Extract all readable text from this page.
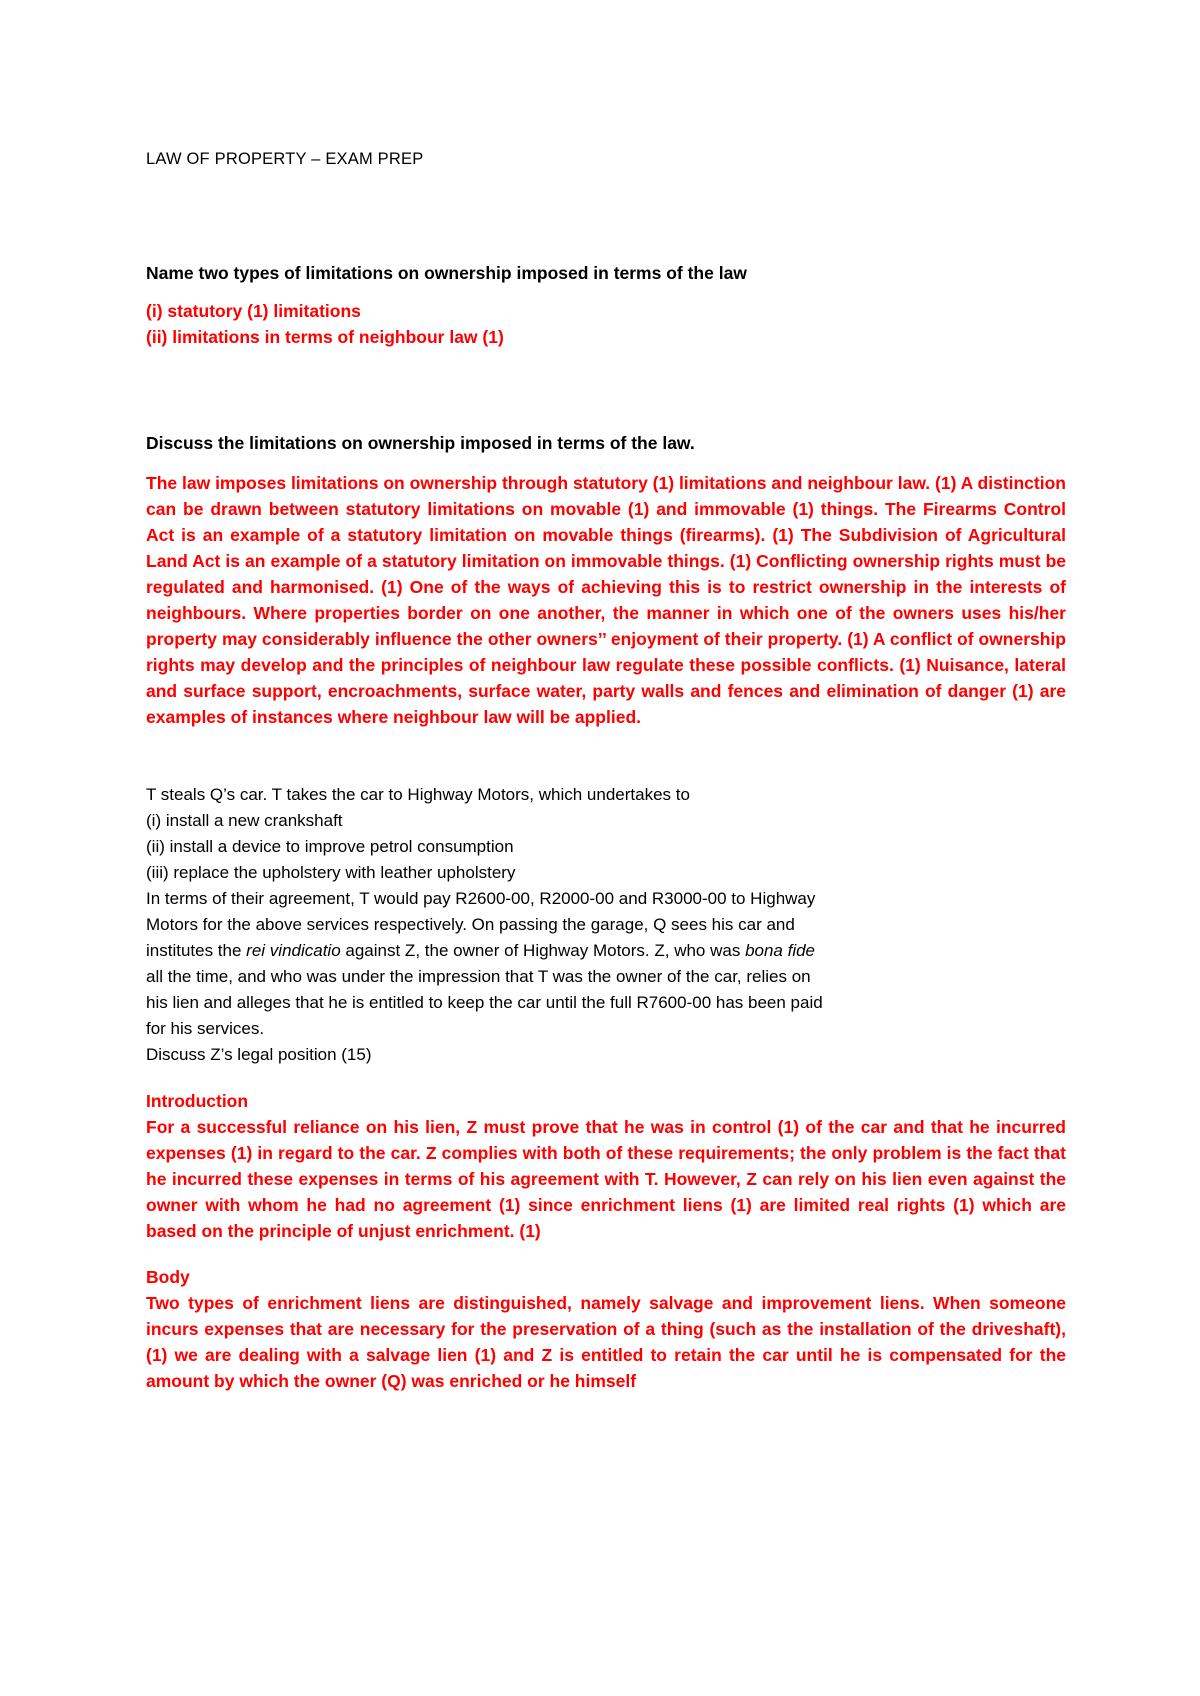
LAW OF PROPERTY – EXAM PREP

Name two types of limitations on ownership imposed in terms of the law

(i) statutory (1) limitations

(ii) limitations in terms of neighbour law (1)

Discuss the limitations on ownership imposed in terms of the law.

The law imposes limitations on ownership through statutory (1) limitations and neighbour law. (1) A distinction can be drawn between statutory limitations on movable (1) and immovable (1) things. The Firearms Control Act is an example of a statutory limitation on movable things (firearms). (1) The Subdivision of Agricultural Land Act is an example of a statutory limitation on immovable things. (1) Conflicting ownership rights must be regulated and harmonised. (1) One of the ways of achieving this is to restrict ownership in the interests of neighbours. Where properties border on one another, the manner in which one of the owners uses his/her property may considerably influence the other owners’’ enjoyment of their property. (1) A conflict of ownership rights may develop and the principles of neighbour law regulate these possible conflicts. (1) Nuisance, lateral and surface support, encroachments, surface water, party walls and fences and elimination of danger (1) are examples of instances where neighbour law will be applied.

T steals Q’s car. T takes the car to Highway Motors, which undertakes to

(i) install a new crankshaft

(ii) install a device to improve petrol consumption

(iii) replace the upholstery with leather upholstery

In terms of their agreement, T would pay R2600-00, R2000-00 and R3000-00 to Highway

Motors for the above services respectively. On passing the garage, Q sees his car and

institutes the rei vindicatio against Z, the owner of Highway Motors. Z, who was bona fide

all the time, and who was under the impression that T was the owner of the car, relies on

his lien and alleges that he is entitled to keep the car until the full R7600-00 has been paid

for his services.

Discuss Z’s legal position (15)

Introduction

For a successful reliance on his lien, Z must prove that he was in control (1) of the car and that he incurred expenses (1) in regard to the car. Z complies with both of these requirements; the only problem is the fact that he incurred these expenses in terms of his agreement with T. However, Z can rely on his lien even against the owner with whom he had no agreement (1) since enrichment liens (1) are limited real rights (1) which are based on the principle of unjust enrichment. (1)

Body

Two types of enrichment liens are distinguished, namely salvage and improvement liens. When someone incurs expenses that are necessary for the preservation of a thing (such as the installation of the driveshaft), (1) we are dealing with a salvage lien (1) and Z is entitled to retain the car until he is compensated for the amount by which the owner (Q) was enriched or he himself
